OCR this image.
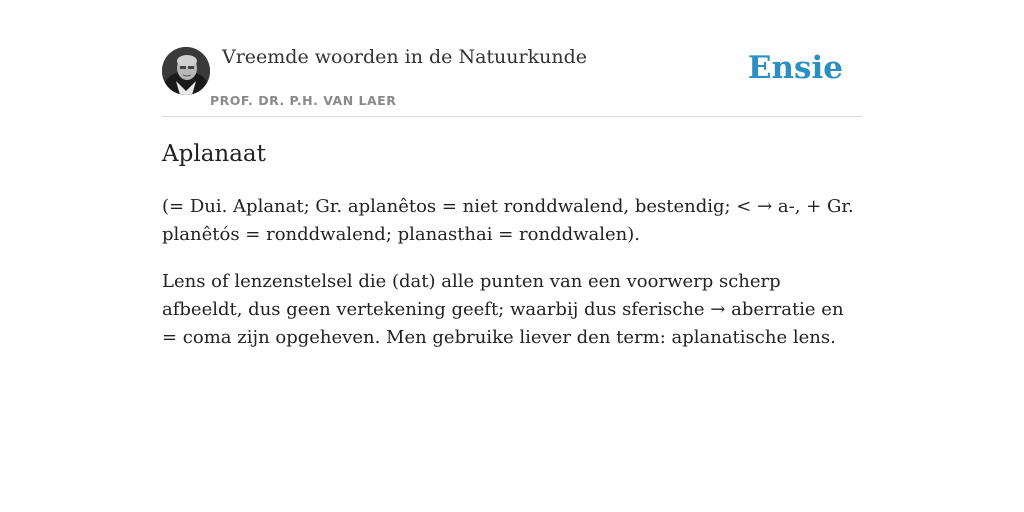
Vreemde woorden in de Natuurkunde
PROF. DR. P.H. VAN LAER
Ensie
Aplanaat

(= Dui. Aplanat; Gr. aplanêtos = niet ronddwalend, bestendig; < → a-, + Gr. planêtós = ronddwalend; planasthai = ronddwalen).

Lens of lenzenstelsel die (dat) alle punten van een voorwerp scherp afbeeldt, dus geen vertekening geeft; waarbij dus sferische → aberratie en = coma zijn opgeheven. Men gebruike liever den term: aplanatische lens.
